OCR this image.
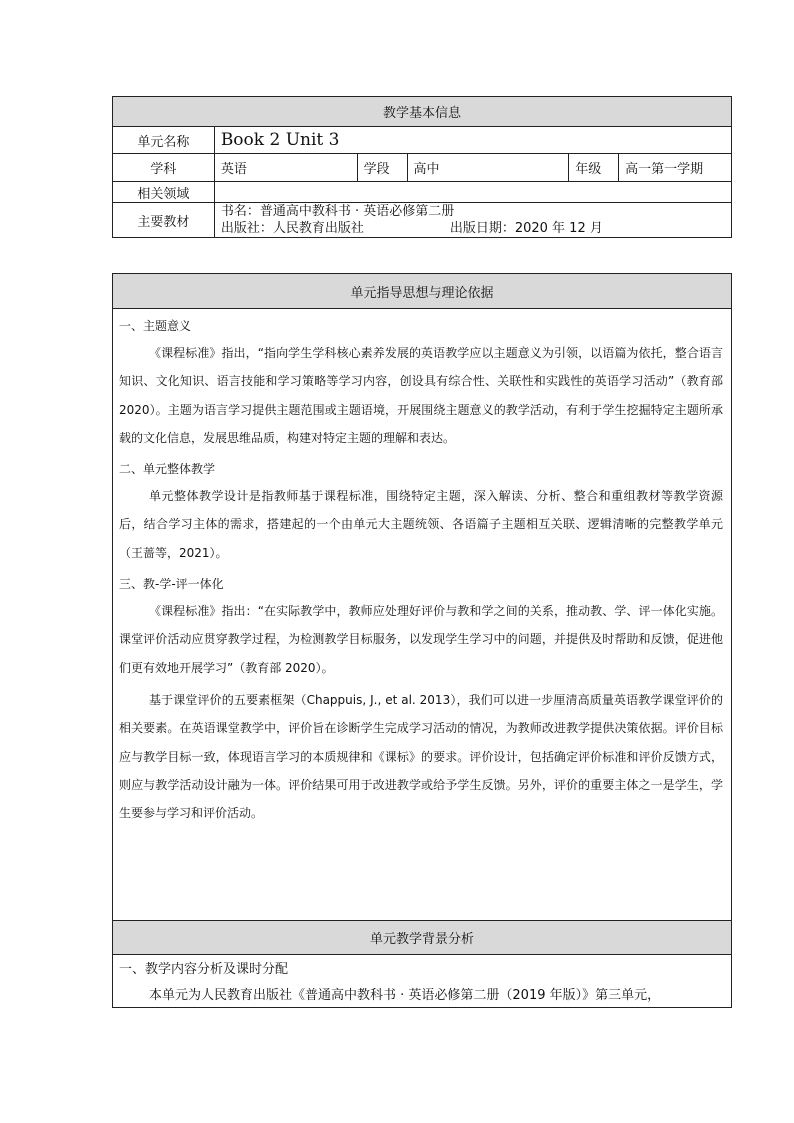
教学基本信息					
单元名称	Book 2 Unit 3				
学科	英语	学段	高中	年级	高一第一学期
相关领域					
主要教材	书名：普通高中教科书 · 英语必修第二册
出版社：人民教育出版社 出版日期：2020 年 12 月				
单元指导思想与理论依据

一、主题意义

《课程标准》指出，“指向学生学科核心素养发展的英语教学应以主题意义为引领，以语篇为依托，整合语言知识、文化知识、语言技能和学习策略等学习内容，创设具有综合性、关联性和实践性的英语学习活动”（教育部 2020）。主题为语言学习提供主题范围或主题语境，开展围绕主题意义的教学活动，有利于学生挖掘特定主题所承载的文化信息，发展思维品质，构建对特定主题的理解和表达。

二、单元整体教学

单元整体教学设计是指教师基于课程标准，围绕特定主题，深入解读、分析、整合和重组教材等教学资源后，结合学习主体的需求，搭建起的一个由单元大主题统领、各语篇子主题相互关联、逻辑清晰的完整教学单元（王蔷等，2021）。

三、教-学-评一体化

《课程标准》指出：“在实际教学中，教师应处理好评价与教和学之间的关系，推动教、学、评一体化实施。课堂评价活动应贯穿教学过程，为检测教学目标服务，以发现学生学习中的问题，并提供及时帮助和反馈，促进他们更有效地开展学习”（教育部 2020）。

基于课堂评价的五要素框架（Chappuis, J., et al. 2013），我们可以进一步厘清高质量英语教学课堂评价的相关要素。在英语课堂教学中，评价旨在诊断学生完成学习活动的情况，为教师改进教学提供决策依据。评价目标应与教学目标一致，体现语言学习的本质规律和《课标》的要求。评价设计，包括确定评价标准和评价反馈方式，则应与教学活动设计融为一体。评价结果可用于改进教学或给予学生反馈。另外，评价的重要主体之一是学生，学生要参与学习和评价活动。

单元教学背景分析

一、教学内容分析及课时分配
本单元为人民教育出版社《普通高中教科书 · 英语必修第二册（2019 年版）》第三单元，
